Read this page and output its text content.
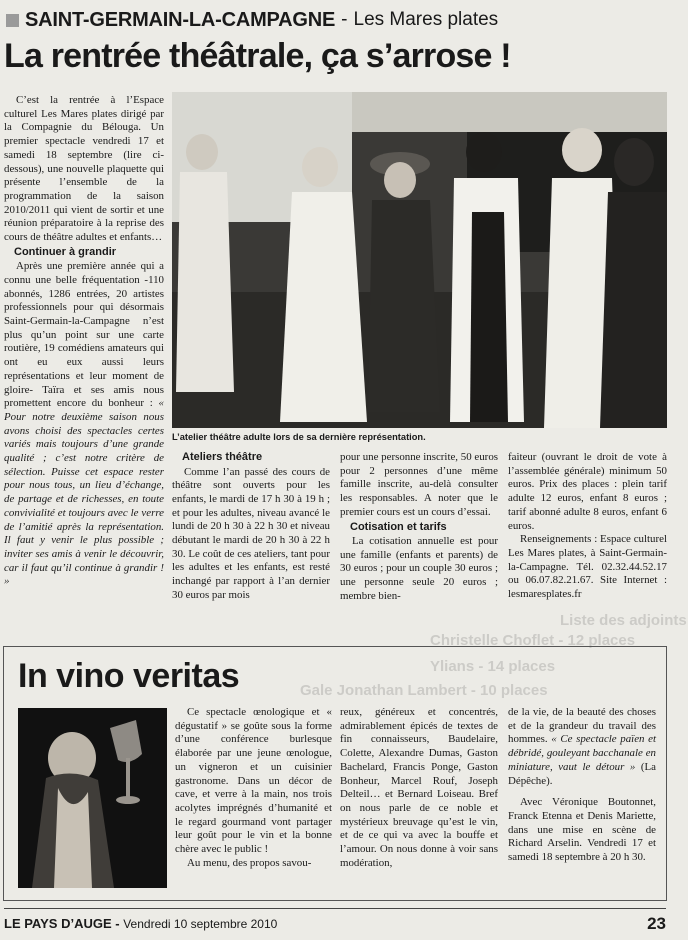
SAINT-GERMAIN-LA-CAMPAGNE - Les Mares plates
La rentrée théâtrale, ça s’arrose !

C’est la rentrée à l’Espace culturel Les Mares plates dirigé par la Compagnie du Bélouga. Un premier spectacle vendredi 17 et samedi 18 septembre (lire ci-dessous), une nouvelle plaquette qui présente l’ensemble de la programmation de la saison 2010/2011 qui vient de sortir et une réunion préparatoire à la reprise des cours de théâtre adultes et enfants…

Continuer à grandir

Après une première année qui a connu une belle fréquentation -110 abonnés, 1286 entrées, 20 artistes professionnels pour qui désormais Saint-Germain-la-Campagne n’est plus qu’un point sur une carte routière, 19 comédiens amateurs qui ont eu eux aussi leurs représentations et leur moment de gloire- Taïra et ses amis nous promettent encore du bonheur : « Pour notre deuxième saison nous avons choisi des spectacles certes variés mais toujours d’une grande qualité ; c’est notre critère de sélection. Puisse cet espace rester pour nous tous, un lieu d’échange, de partage et de richesses, en toute convivialité et toujours avec le verre de l’amitié après la représentation. Il faut y venir le plus possible ; inviter ses amis à venir le découvrir, car il faut qu’il continue à grandir ! »

L’atelier théâtre adulte lors de sa dernière représentation.
Ateliers théâtre

Comme l’an passé des cours de théâtre sont ouverts pour les enfants, le mardi de 17 h 30 à 19 h ; et pour les adultes, niveau avancé le lundi de 20 h 30 à 22 h 30 et niveau débutant le mardi de 20 h 30 à 22 h 30. Le coût de ces ateliers, tant pour les adultes et les enfants, est resté inchangé par rapport à l’an dernier 30 euros par mois

pour une personne inscrite, 50 euros pour 2 personnes d’une même famille inscrite, au-delà consulter les responsables. A noter que le premier cours est un cours d’essai.

Cotisation et tarifs

La cotisation annuelle est pour une famille (enfants et parents) de 30 euros ; pour un couple 30 euros ; une personne seule 20 euros ; membre bien-

faiteur (ouvrant le droit de vote à l’assemblée générale) minimum 50 euros. Prix des places : plein tarif adulte 12 euros, enfant 8 euros ; tarif abonné adulte 8 euros, enfant 6 euros.

Renseignements : Espace culturel Les Mares plates, à Saint-Germain-la-Campagne. Tél. 02.32.44.52.17 ou 06.07.82.21.67. Site Internet : lesmaresplates.fr

Liste des adjoints
Christelle Choflet - 12 places
Ylians - 14 places
Gale Jonathan Lambert - 10 places
In vino veritas

Ce spectacle œnologique et « dégustatif » se goûte sous la forme d’une conférence burlesque élaborée par une jeune œnologue, un vigneron et un cuisinier gastronome. Dans un décor de cave, et verre à la main, nos trois acolytes imprégnés d’humanité et le regard gourmand vont partager leur goût pour le vin et la bonne chère avec le public !

Au menu, des propos savou-

reux, généreux et concentrés, admirablement épicés de textes de fin connaisseurs, Baudelaire, Colette, Alexandre Dumas, Gaston Bachelard, Francis Ponge, Gaston Bonheur, Marcel Rouf, Joseph Delteil… et Bernard Loiseau. Bref on nous parle de ce noble et mystérieux breuvage qu’est le vin, et de ce qui va avec la bouffe et l’amour. On nous donne à voir sans modération,

de la vie, de la beauté des choses et de la grandeur du travail des hommes. « Ce spectacle païen et débridé, gouleyant bacchanale en miniature, vaut le détour » (La Dépêche).

Avec Véronique Boutonnet, Franck Etenna et Denis Mariette, dans une mise en scène de Richard Arselin. Vendredi 17 et samedi 18 septembre à 20 h 30.

LE PAYS D’AUGE - Vendredi 10 septembre 2010	23
